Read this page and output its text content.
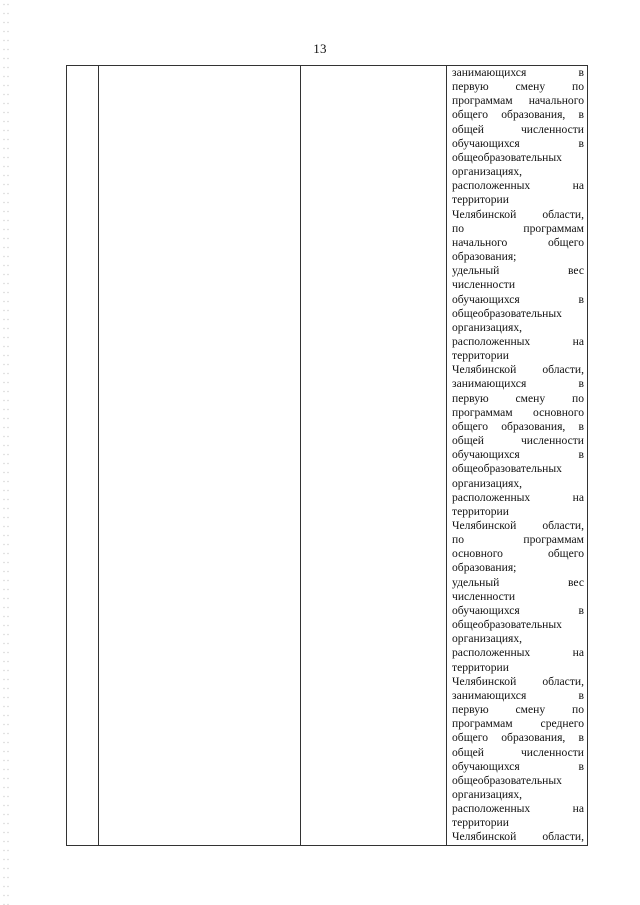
13
занимающихся в
первую смену по
программам начального
общего образования, в
общей численности
обучающихся в
общеобразовательных
организациях,
расположенных на
территории
Челябинской области,
по программам
начального общего
образования;
удельный вес
численности
обучающихся в
общеобразовательных
организациях,
расположенных на
территории
Челябинской области,
занимающихся в
первую смену по
программам основного
общего образования, в
общей численности
обучающихся в
общеобразовательных
организациях,
расположенных на
территории
Челябинской области,
по программам
основного общего
образования;
удельный вес
численности
обучающихся в
общеобразовательных
организациях,
расположенных на
территории
Челябинской области,
занимающихся в
первую смену по
программам среднего
общего образования, в
общей численности
обучающихся в
общеобразовательных
организациях,
расположенных на
территории
Челябинской области,
